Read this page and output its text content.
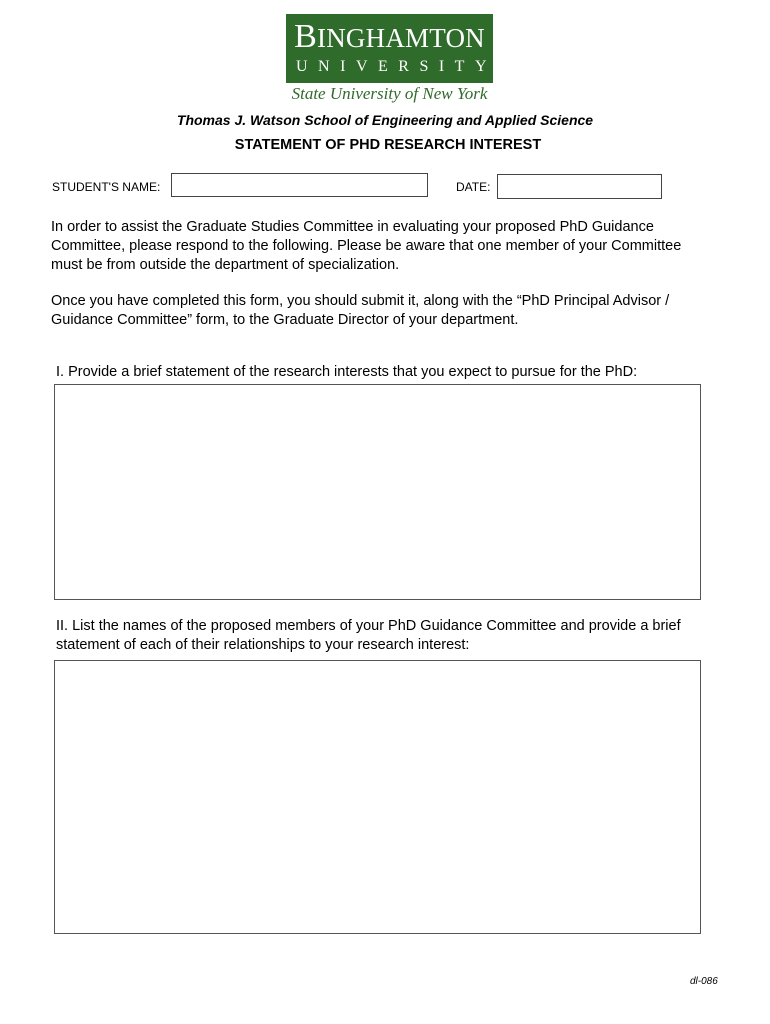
BINGHAMTON
UNIVERSITY
State University of New York
Thomas J. Watson School of Engineering and Applied Science
STATEMENT OF PHD RESEARCH INTEREST
STUDENT'S NAME:	DATE:

In order to assist the Graduate Studies Committee in evaluating your proposed PhD Guidance Committee, please respond to the following. Please be aware that one member of your Committee must be from outside the department of specialization.

Once you have completed this form, you should submit it, along with the “PhD Principal Advisor / Guidance Committee” form, to the Graduate Director of your department.

I. Provide a brief statement of the research interests that you expect to pursue for the PhD:

II. List the names of the proposed members of your PhD Guidance Committee and provide a brief statement of each of their relationships to your research interest:

dl-086
